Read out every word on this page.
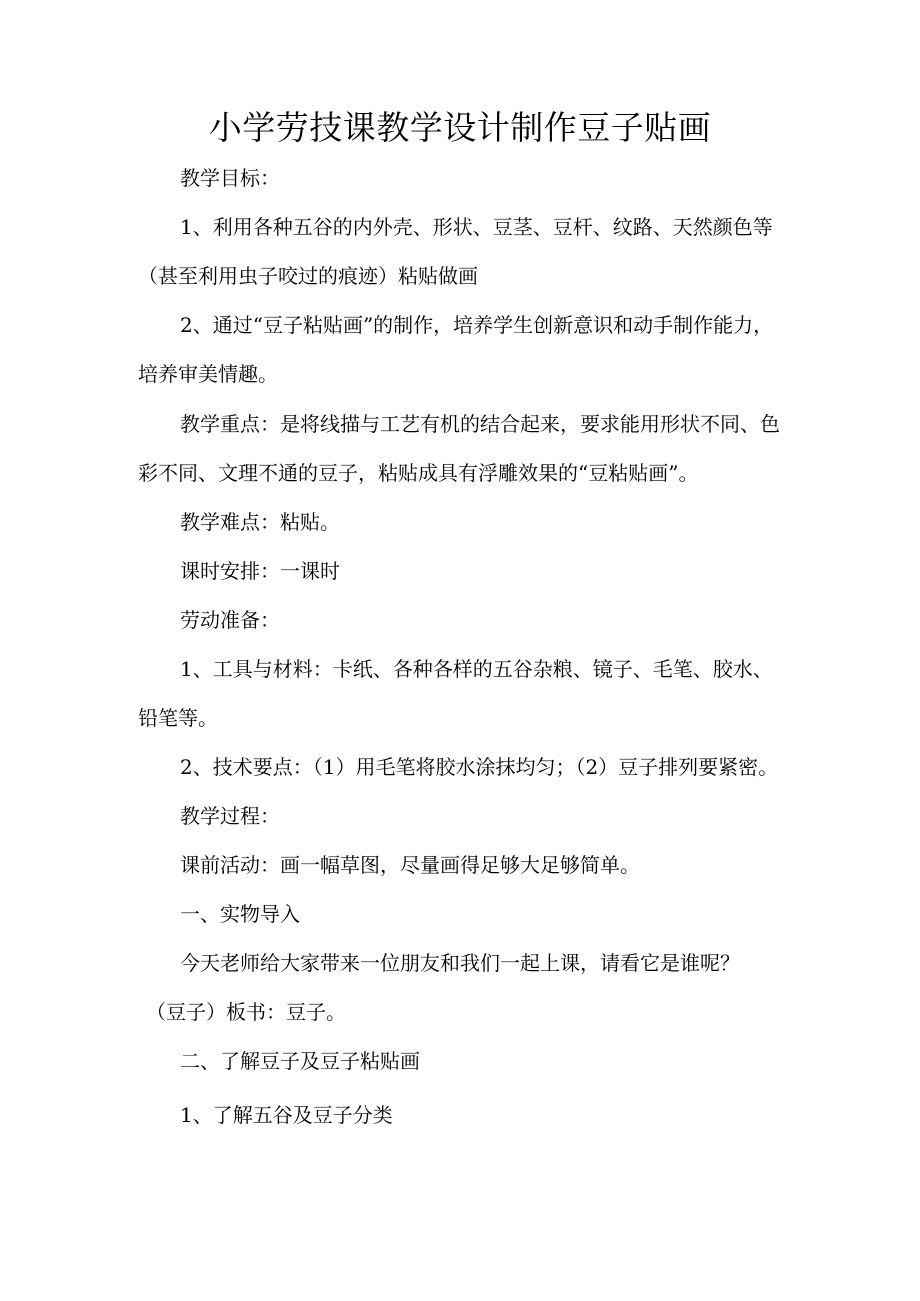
小学劳技课教学设计制作豆子贴画
教学目标：
1、利用各种五谷的内外壳、形状、豆茎、豆杆、纹路、天然颜色等
（甚至利用虫子咬过的痕迹）粘贴做画
2、通过“豆子粘贴画”的制作，培养学生创新意识和动手制作能力，
培养审美情趣。
教学重点：是将线描与工艺有机的结合起来，要求能用形状不同、色
彩不同、文理不通的豆子，粘贴成具有浮雕效果的“豆粘贴画”。
教学难点：粘贴。
课时安排：一课时
劳动准备：
1、工具与材料：卡纸、各种各样的五谷杂粮、镜子、毛笔、胶水、
铅笔等。
2、技术要点：（1）用毛笔将胶水涂抹均匀；（2）豆子排列要紧密。
教学过程：
课前活动：画一幅草图，尽量画得足够大足够简单。
一、实物导入
今天老师给大家带来一位朋友和我们一起上课，请看它是谁呢？
（豆子）板书：豆子。
二、了解豆子及豆子粘贴画
1、了解五谷及豆子分类
